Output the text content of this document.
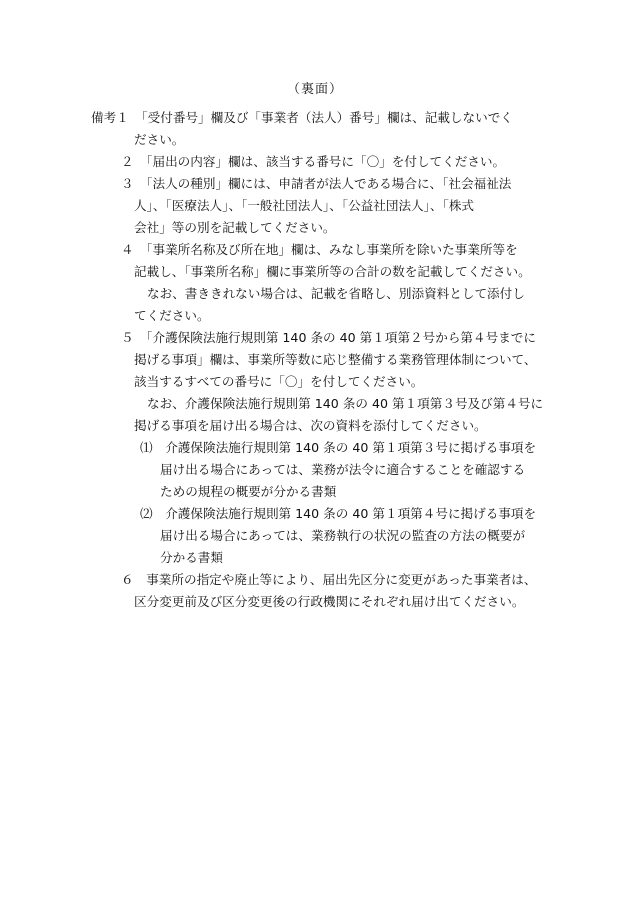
（裏面）
備考１　「受付番号」欄及び「事業者（法人）番号」欄は、記載しないでく
ださい。
２　「届出の内容」欄は、該当する番号に「〇」を付してください。
３　「法人の種別」欄には、申請者が法人である場合に、「社会福祉法
人」、「医療法人」、「一般社団法人」、「公益社団法人」、「株式
会社」等の別を記載してください。
４　「事業所名称及び所在地」欄は、みなし事業所を除いた事業所等を
記載し、「事業所名称」欄に事業所等の合計の数を記載してください。
なお、書ききれない場合は、記載を省略し、別添資料として添付し
てください。
５　「介護保険法施行規則第 140 条の 40 第１項第２号から第４号までに
掲げる事項」欄は、事業所等数に応じ整備する業務管理体制について、
該当するすべての番号に「〇」を付してください。
なお、介護保険法施行規則第 140 条の 40 第１項第３号及び第４号に
掲げる事項を届け出る場合は、次の資料を添付してください。
⑴　介護保険法施行規則第 140 条の 40 第１項第３号に掲げる事項を
届け出る場合にあっては、業務が法令に適合することを確認する
ための規程の概要が分かる書類
⑵　介護保険法施行規則第 140 条の 40 第１項第４号に掲げる事項を
届け出る場合にあっては、業務執行の状況の監査の方法の概要が
分かる書類
６　事業所の指定や廃止等により、届出先区分に変更があった事業者は、
区分変更前及び区分変更後の行政機関にそれぞれ届け出てください。
